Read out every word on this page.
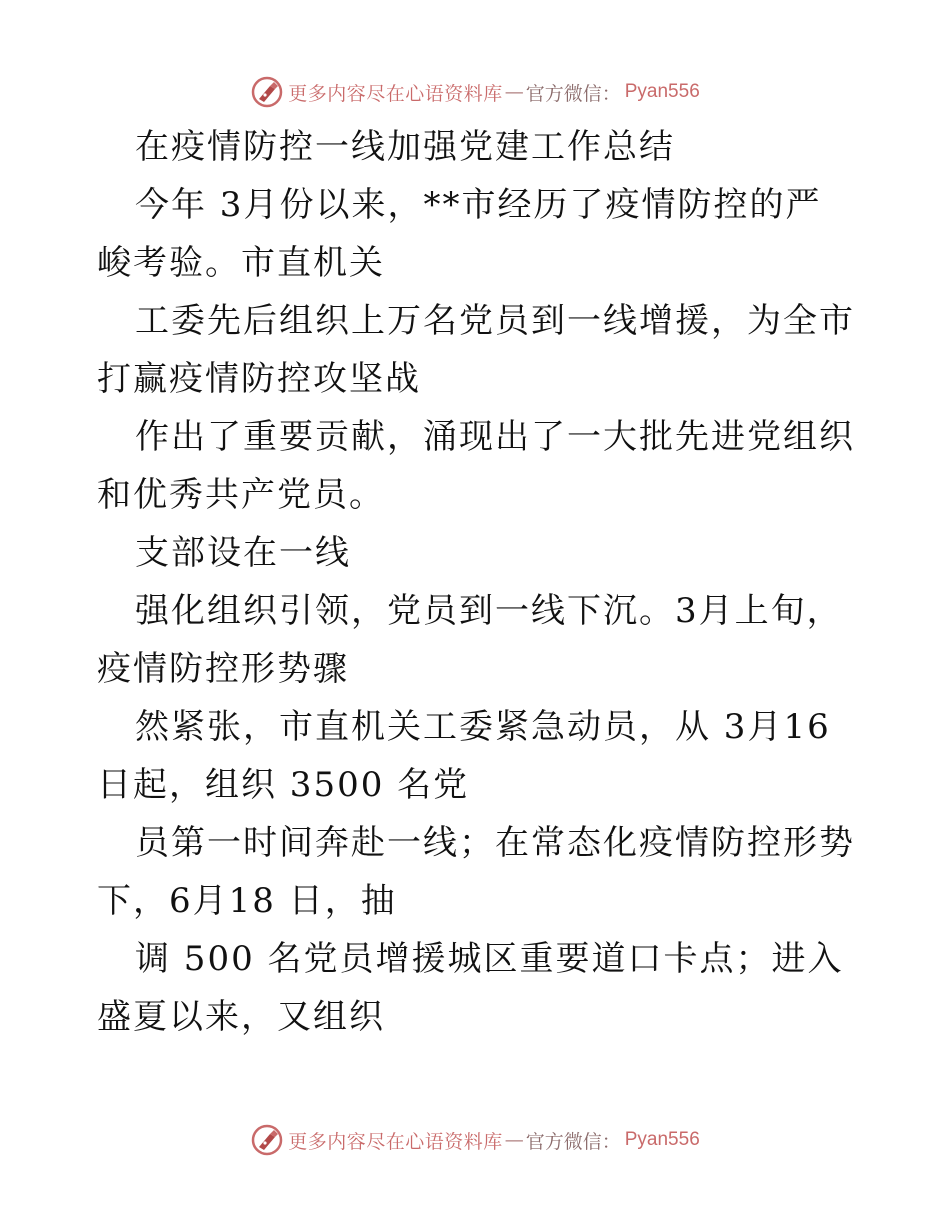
更多内容尽在心语资料库 — 官方微信： Pyan556

在疫情防控一线加强党建工作总结

今年 3月份以来，**市经历了疫情防控的严峻考验。市直机关

工委先后组织上万名党员到一线增援，为全市打赢疫情防控攻坚战

作出了重要贡献，涌现出了一大批先进党组织和优秀共产党员。

支部设在一线

强化组织引领，党员到一线下沉。3月上旬，疫情防控形势骤

然紧张，市直机关工委紧急动员，从 3月16 日起，组织 3500 名党

员第一时间奔赴一线；在常态化疫情防控形势下，6月18 日，抽

调 500 名党员增援城区重要道口卡点；进入盛夏以来，又组织

更多内容尽在心语资料库 — 官方微信： Pyan556
